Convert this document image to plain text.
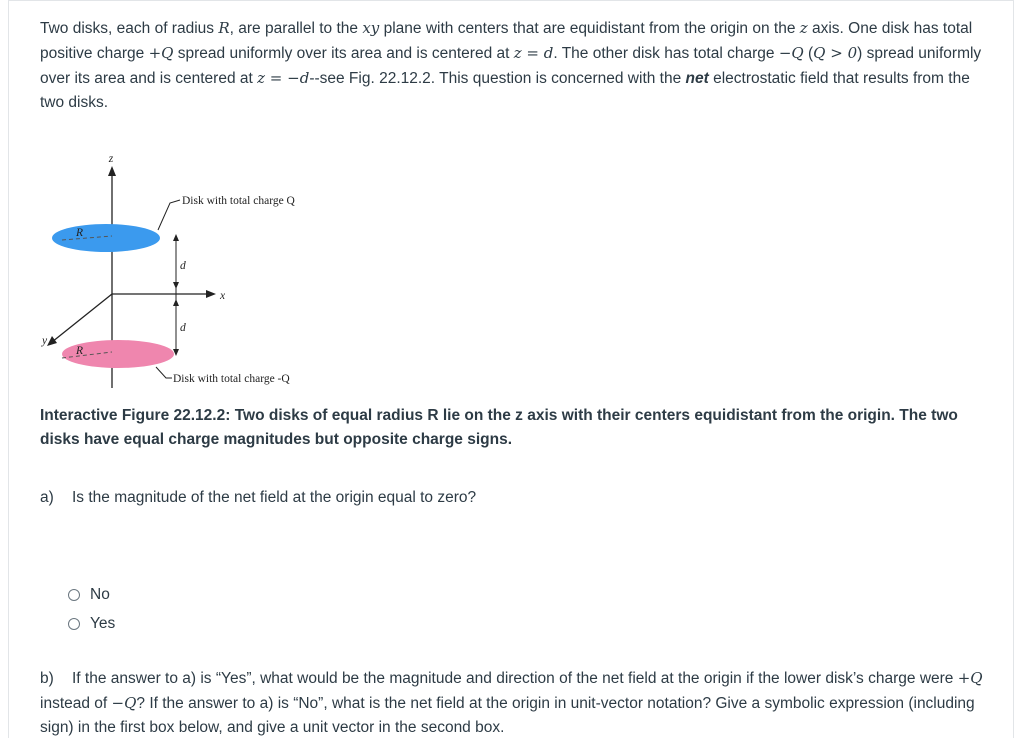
Two disks, each of radius R, are parallel to the xy plane with centers that are equidistant from the origin on the z axis. One disk has total positive charge +Q spread uniformly over its area and is centered at z = d. The other disk has total charge −Q (Q > 0) spread uniformly over its area and is centered at z = −d--see Fig. 22.12.2. This question is concerned with the net electrostatic field that results from the two disks.

z
R
R
x
y
d
d
Disk with total charge Q
Disk with total charge -Q

Interactive Figure 22.12.2: Two disks of equal radius R lie on the z axis with their centers equidistant from the origin. The two disks have equal charge magnitudes but opposite charge signs.

a) Is the magnitude of the net field at the origin equal to zero?

No
Yes

b) If the answer to a) is “Yes”, what would be the magnitude and direction of the net field at the origin if the lower disk’s charge were +Q instead of −Q? If the answer to a) is “No”, what is the net field at the origin in unit-vector notation? Give a symbolic expression (including sign) in the first box below, and give a unit vector in the second box.
